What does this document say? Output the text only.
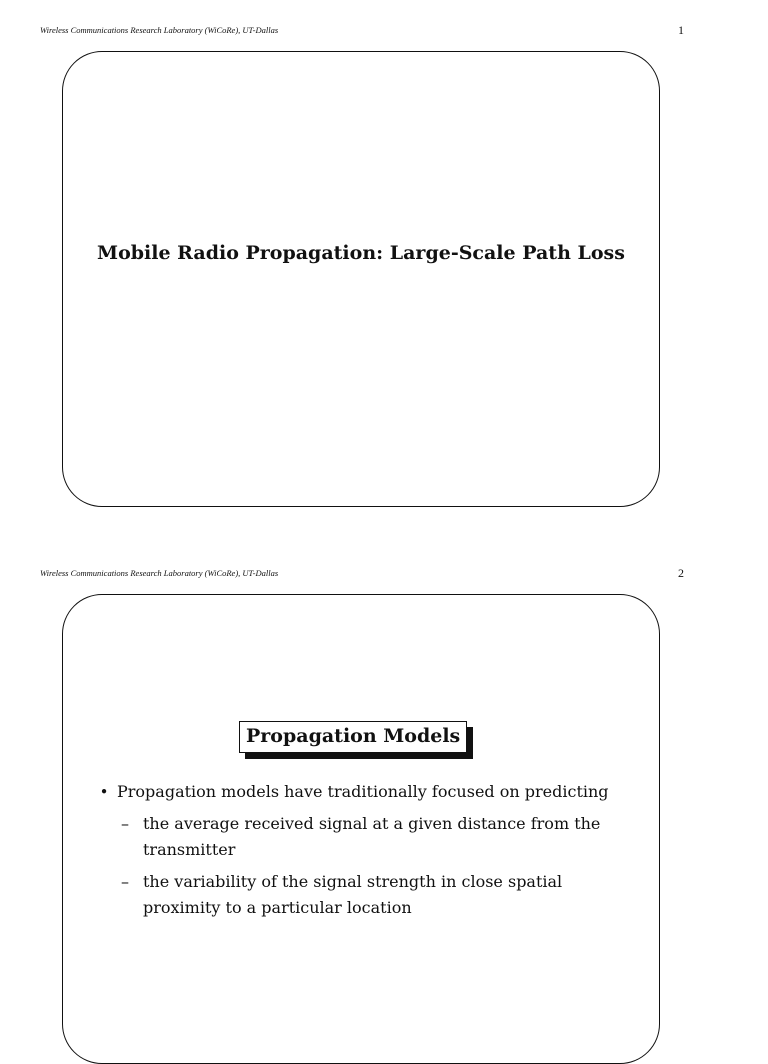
Wireless Communications Research Laboratory (WiCoRe), UT-Dallas	1
Mobile Radio Propagation: Large-Scale Path Loss
Wireless Communications Research Laboratory (WiCoRe), UT-Dallas	2
Propagation Models
• Propagation models have traditionally focused on predicting
– the average received signal at a given distance from the transmitter
– the variability of the signal strength in close spatial proximity to a particular location
